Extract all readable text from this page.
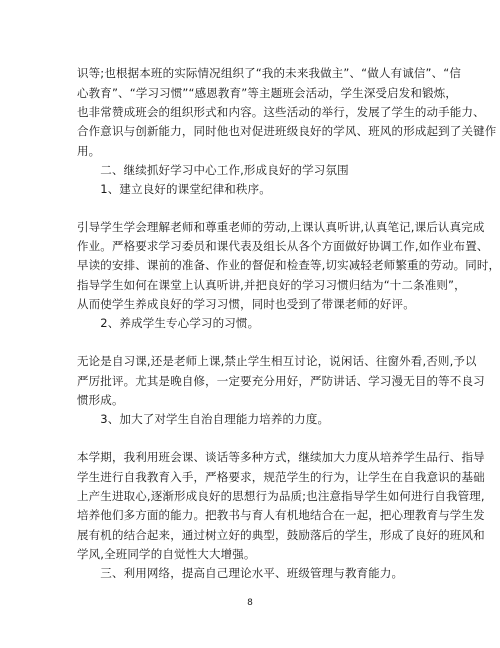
识等;也根据本班的实际情况组织了“我的未来我做主”、“做人有诚信”、“信
心教育”、“学习习惯”“感恩教育”等主题班会活动，学生深受启发和锻炼，
也非常赞成班会的组织形式和内容。这些活动的举行，发展了学生的动手能力、
合作意识与创新能力，同时他也对促进班级良好的学风、班风的形成起到了关键作
用。
　　二、继续抓好学习中心工作,形成良好的学习氛围
　　1、建立良好的课堂纪律和秩序。
引导学生学会理解老师和尊重老师的劳动,上课认真听讲,认真笔记,课后认真完成
作业。严格要求学习委员和课代表及组长从各个方面做好协调工作,如作业布置、
早读的安排、课前的准备、作业的督促和检查等,切实减轻老师繁重的劳动。同时，
指导学生如何在课堂上认真听讲,并把良好的学习习惯归结为“十二条准则”，
从而使学生养成良好的学习习惯，同时也受到了带课老师的好评。
　　2、养成学生专心学习的习惯。
无论是自习课,还是老师上课,禁止学生相互讨论，说闲话、往窗外看,否则,予以
严厉批评。尤其是晚自修，一定要充分用好，严防讲话、学习漫无目的等不良习
惯形成。
　　3、加大了对学生自治自理能力培养的力度。
本学期，我利用班会课、谈话等多种方式，继续加大力度从培养学生品行、指导
学生进行自我教育入手，严格要求，规范学生的行为，让学生在自我意识的基础
上产生进取心,逐渐形成良好的思想行为品质;也注意指导学生如何进行自我管理,
培养他们多方面的能力。把教书与育人有机地结合在一起，把心理教育与学生发
展有机的结合起来，通过树立好的典型，鼓励落后的学生，形成了良好的班风和
8
学风,全班同学的自觉性大大增强。
　　三、利用网络，提高自己理论水平、班级管理与教育能力。
